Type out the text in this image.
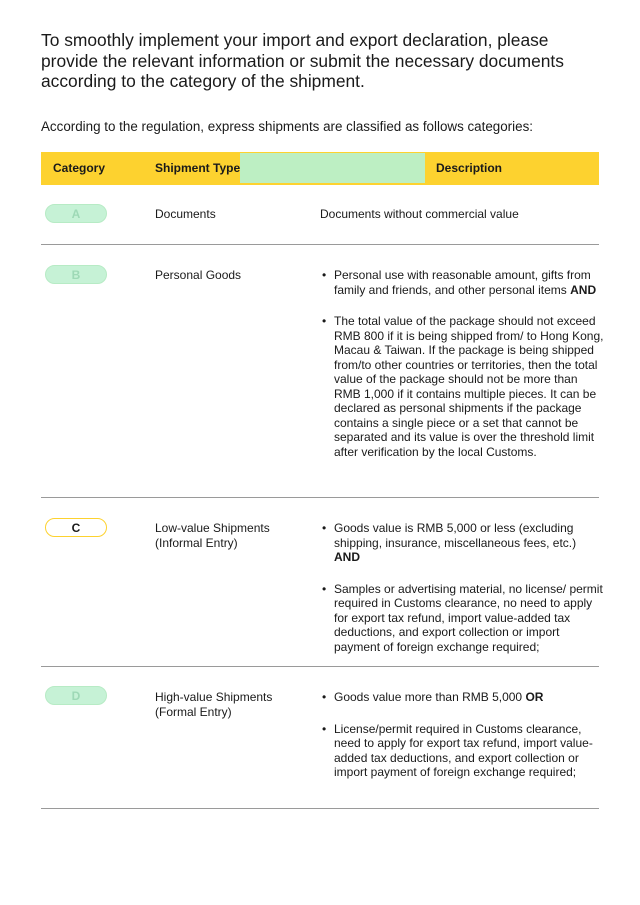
To smoothly implement your import and export declaration, please provide the relevant information or submit the necessary documents according to the category of the shipment.

According to the regulation, express shipments are classified as follows categories:

Category	Shipment Type	Description
A	Documents	Documents without commercial value
B	Personal Goods
•	Personal use with reasonable amount, gifts from family and friends, and other personal items AND
• The total value of the package should not exceed RMB 800 if it is being shipped from/ to Hong Kong, Macau & Taiwan. If the package is being shipped from/to other countries or territories, then the total value of the package should not be more than RMB 1,000 if it contains multiple pieces. It can be declared as personal shipments if the package contains a single piece or a set that cannot be separated and its value is over the threshold limit after verification by the local Customs.
C	Low-value Shipments
(Informal Entry)
• Goods value is RMB 5,000 or less (excluding shipping, insurance, miscellaneous fees, etc.) AND
• Samples or advertising material, no license/ permit required in Customs clearance, no need to apply for export tax refund, import value-added tax deductions, and export collection or import payment of foreign exchange required;
D	High-value Shipments
(Formal Entry)
• Goods value more than RMB 5,000 OR
• License/permit required in Customs clearance, need to apply for export tax refund, import value-added tax deductions, and export collection or import payment of foreign exchange required;
